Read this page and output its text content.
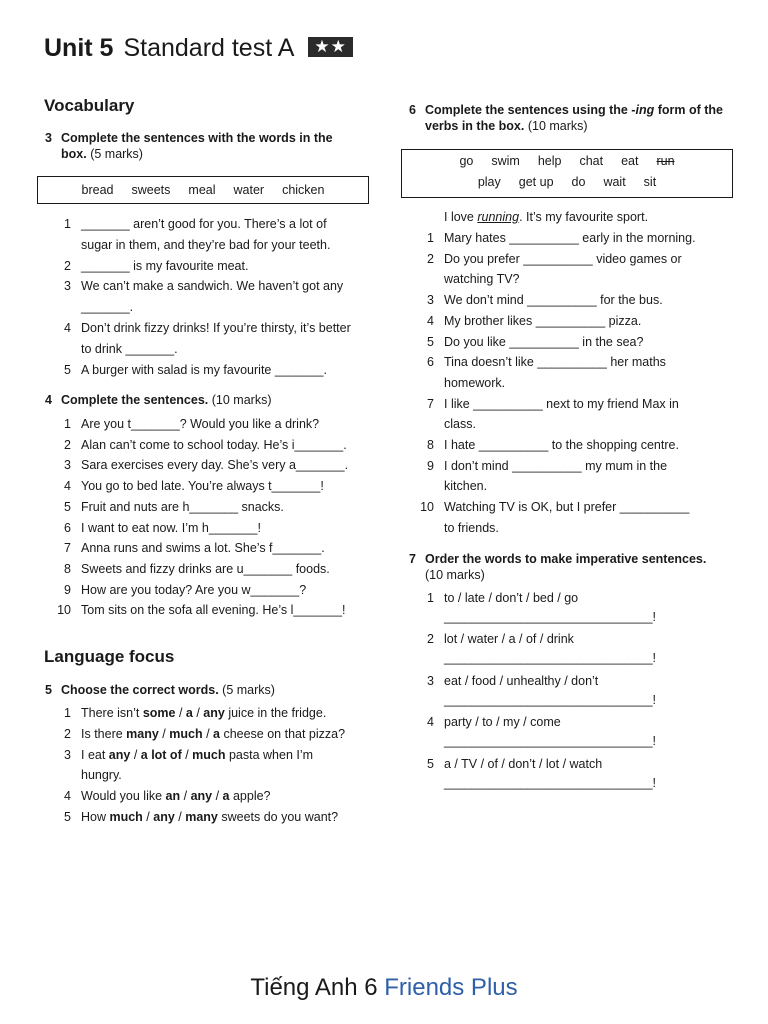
Unit 5 Standard test A ★★
Vocabulary
3 Complete the sentences with the words in the box. (5 marks)
bread sweets meal water chicken
1 _______ aren’t good for you. There’s a lot of
sugar in them, and they’re bad for your teeth.
2 _______ is my favourite meat.
3 We can’t make a sandwich. We haven’t got any
_______.
4 Don’t drink fizzy drinks! If you’re thirsty, it’s better
to drink _______.
5 A burger with salad is my favourite _______.
4 Complete the sentences. (10 marks)
1 Are you t_______? Would you like a drink?
2 Alan can’t come to school today. He’s i_______.
3 Sara exercises every day. She’s very a_______.
4 You go to bed late. You’re always t_______!
5 Fruit and nuts are h_______ snacks.
6 I want to eat now. I’m h_______!
7 Anna runs and swims a lot. She’s f_______.
8 Sweets and fizzy drinks are u_______ foods.
9 How are you today? Are you w_______?
10 Tom sits on the sofa all evening. He’s l_______!
Language focus
5 Choose the correct words. (5 marks)
1 There isn’t some / a / any juice in the fridge.
2 Is there many / much / a cheese on that pizza?
3 I eat any / a lot of / much pasta when I’m
hungry.
4 Would you like an / any / a apple?
5 How much / any / many sweets do you want?
6 Complete the sentences using the -ing form of the verbs in the box. (10 marks)
go swim help chat eat run
play get up do wait sit
I love running. It’s my favourite sport.
1 Mary hates __________ early in the morning.
2 Do you prefer __________ video games or
watching TV?
3 We don’t mind __________ for the bus.
4 My brother likes __________ pizza.
5 Do you like __________ in the sea?
6 Tina doesn’t like __________ her maths
homework.
7 I like __________ next to my friend Max in
class.
8 I hate __________ to the shopping centre.
9 I don’t mind __________ my mum in the
kitchen.
10 Watching TV is OK, but I prefer __________
to friends.
7 Order the words to make imperative sentences.
(10 marks)
1 to / late / don’t / bed / go
______________________________!
2 lot / water / a / of / drink
______________________________!
3 eat / food / unhealthy / don’t
______________________________!
4 party / to / my / come
______________________________!
5 a / TV / of / don’t / lot / watch
______________________________!
Tiếng Anh 6 Friends Plus
